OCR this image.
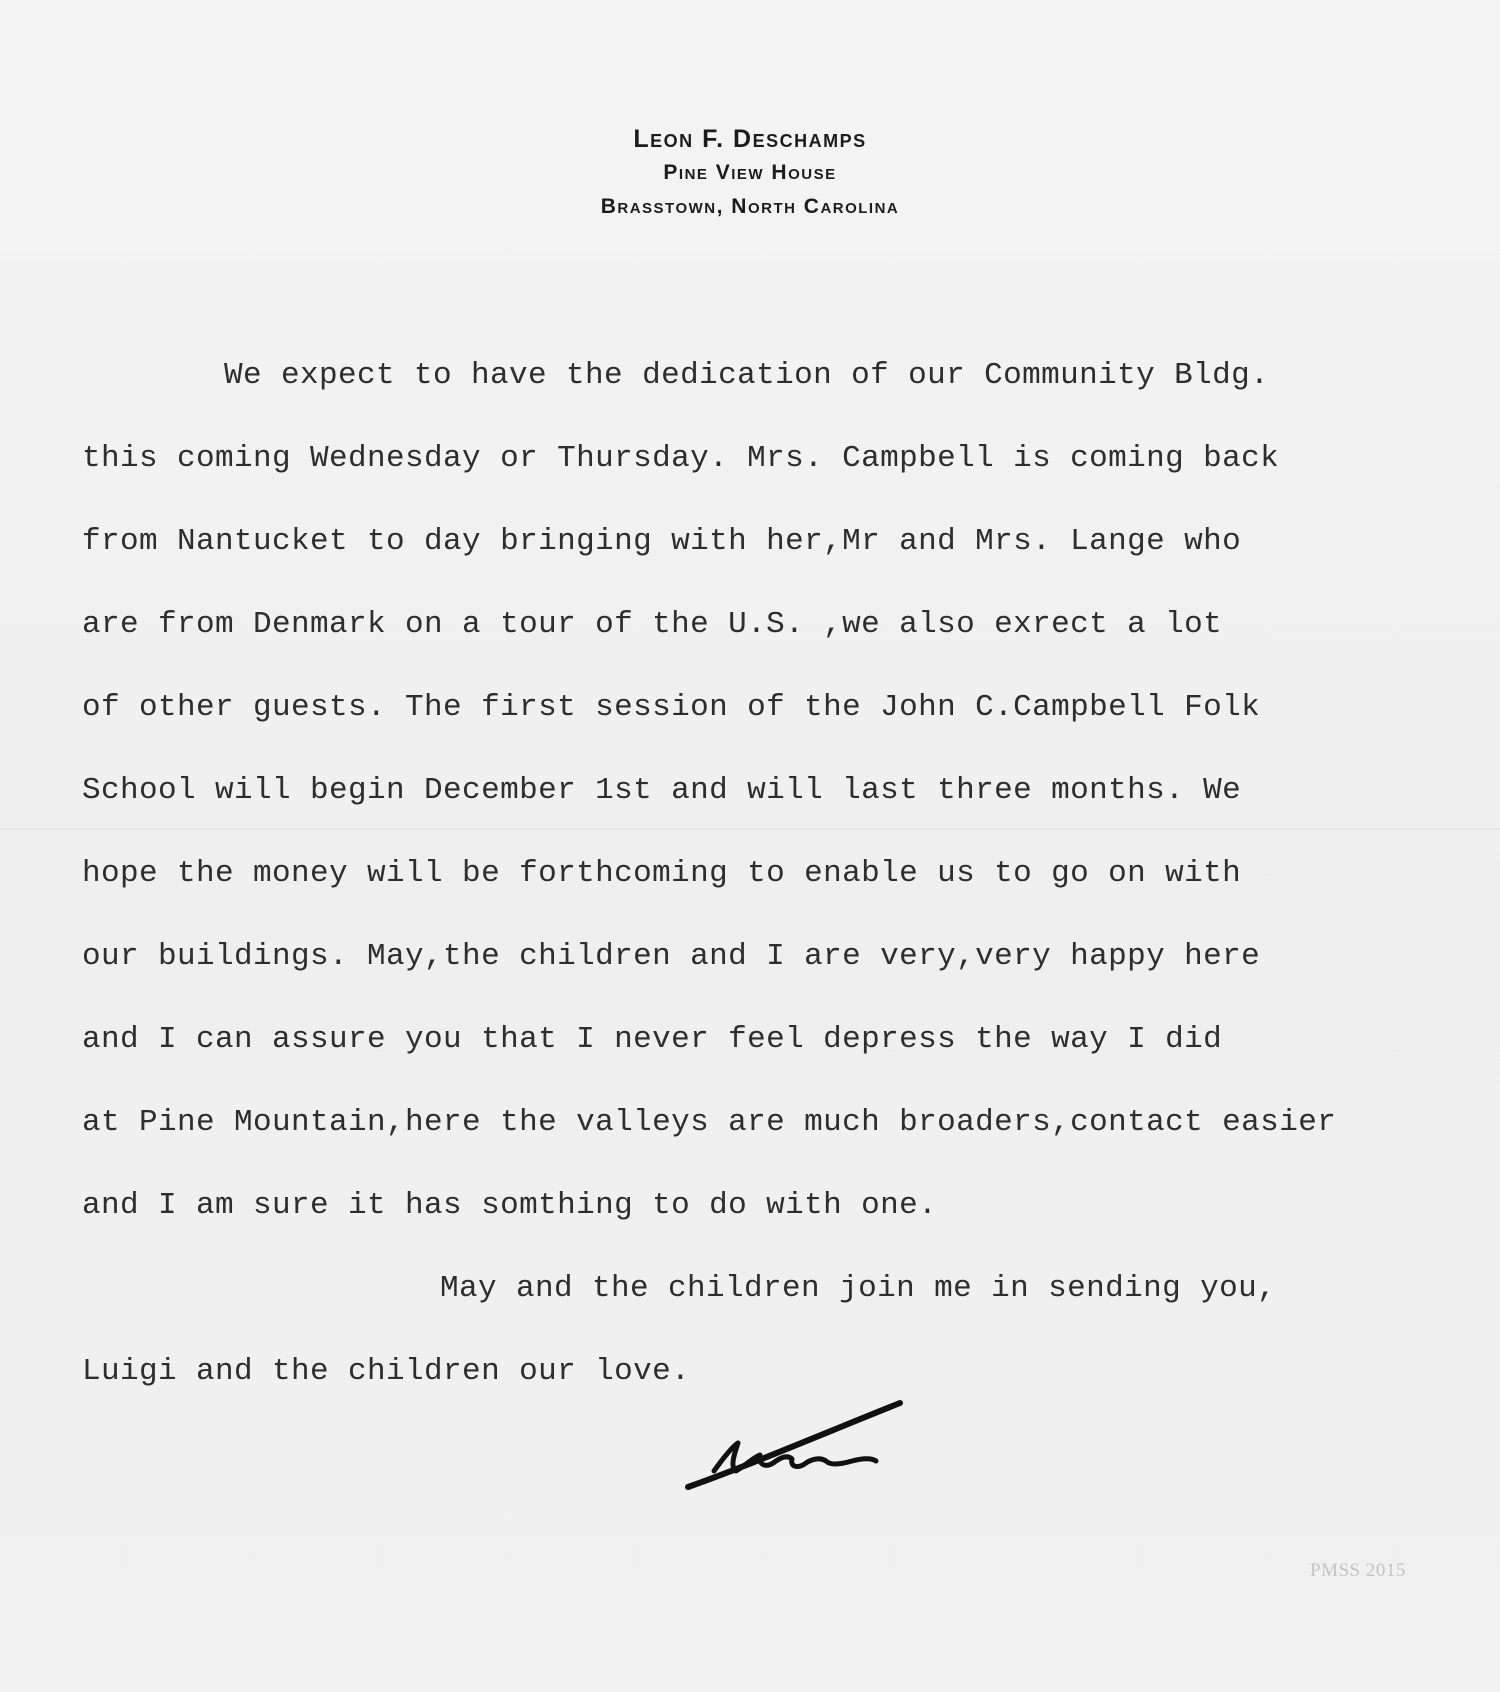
Leon F. Deschamps
Pine View House
Brasstown, North Carolina
We expect to have the dedication of our Community Bldg.
this coming Wednesday or Thursday. Mrs. Campbell is coming back
from Nantucket to day bringing with her,Mr and Mrs. Lange who
are from Denmark on a tour of the U.S. ,we also exrect a lot
of other guests. The first session of the John C.Campbell Folk
School will begin December 1st and will last three months. We
hope the money will be forthcoming to enable us to go on with
our buildings. May,the children and I are very,very happy here
and I can assure you that I never feel depress the way I did
at Pine Mountain,here the valleys are much broaders,contact easier
and I am sure it has somthing to do with one.
May and the children join me in sending you,
Luigi and the children our love.
PMSS 2015
